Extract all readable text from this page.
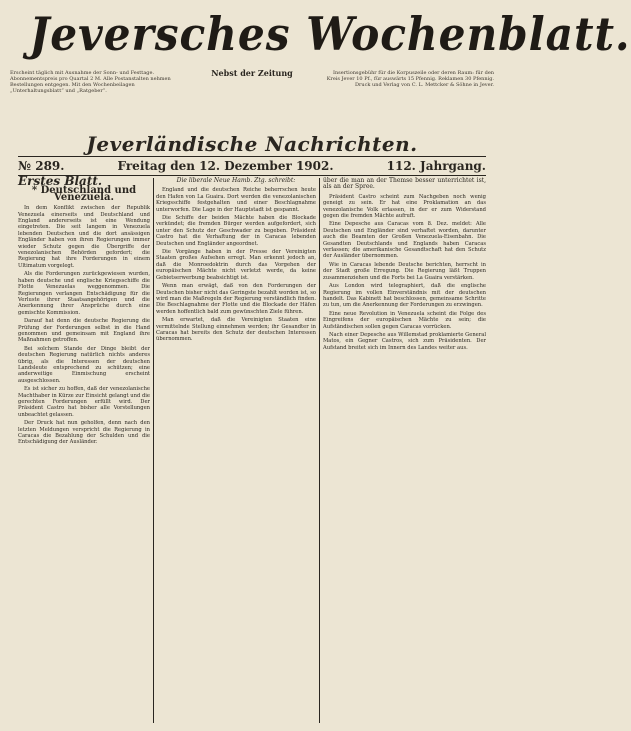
Jeversches Wochenblatt.
Erscheint täglich mit Ausnahme der Sonn- und Festtage. Abonnementspreis pro Quartal 2 M. Alle Postanstalten nehmen Bestellungen entgegen. Mit den Wochenbeilagen „Unterhaltungsblatt“ und „Ratgeber“.
Nebst der Zeitung	Insertionsgebühr für die Korpuszeile oder deren Raum: für den Kreis Jever 10 Pf., für auswärts 15 Pfennig. Reklamen 30 Pfennig. Druck und Verlag von C. L. Mettcker & Söhne in Jever.
Jeverländische Nachrichten.
№ 289.	Freitag den 12. Dezember 1902.	112. Jahrgang.
Erstes Blatt.
* Deutschland und Venezuela.

In dem Konflikt zwischen der Republik Venezuela einerseits und Deutschland und England andererseits ist eine Wendung eingetreten. Die seit langem in Venezuela lebenden Deutschen und die dort ansässigen Engländer haben von ihren Regierungen immer wieder Schutz gegen die Übergriffe der venezolanischen Behörden gefordert; die Regierung hat ihre Forderungen in einem Ultimatum vorgelegt.

Als die Forderungen zurückgewiesen wurden, haben deutsche und englische Kriegsschiffe die Flotte Venezuelas weggenommen. Die Regierungen verlangen Entschädigung für die Verluste ihrer Staatsangehörigen und die Anerkennung ihrer Ansprüche durch eine gemischte Kommission.

Darauf hat denn die deutsche Regierung die Prüfung der Forderungen selbst in die Hand genommen und gemeinsam mit England ihre Maßnahmen getroffen.

Bei solchem Stande der Dinge bleibt der deutschen Regierung natürlich nichts anderes übrig, als die Interessen der deutschen Landsleute entsprechend zu schützen; eine anderweitige Einmischung erscheint ausgeschlossen.

Es ist sicher zu hoffen, daß der venezolanische Machthaber in Kürze zur Einsicht gelangt und die gerechten Forderungen erfüllt wird. Der Präsident Castro hat bisher alle Vorstellungen unbeachtet gelassen.

Der Druck hat nun geholfen, denn nach den letzten Meldungen verspricht die Regierung in Caracas die Bezahlung der Schulden und die Entschädigung der Ausländer.

Die liberale Neue Hamb. Ztg. schreibt:

England und die deutschen Reiche beherrschen heute den Hafen von La Guaira. Dort werden die venezolanischen Kriegsschiffe festgehalten und einer Beschlagnahme unterworfen. Die Lage in der Hauptstadt ist gespannt.

Die Schiffe der beiden Mächte haben die Blockade verkündet; die fremden Bürger werden aufgefordert, sich unter den Schutz der Geschwader zu begeben. Präsident Castro hat die Verhaftung der in Caracas lebenden Deutschen und Engländer angeordnet.

Die Vorgänge haben in der Presse der Vereinigten Staaten großes Aufsehen erregt. Man erkennt jedoch an, daß die Monroedoktrin durch das Vorgehen der europäischen Mächte nicht verletzt werde, da keine Gebietserwerbung beabsichtigt ist.

Wenn man erwägt, daß von den Forderungen der Deutschen bisher nicht das Geringste bezahlt worden ist, so wird man die Maßregeln der Regierung verständlich finden. Die Beschlagnahme der Flotte und die Blockade der Häfen werden hoffentlich bald zum gewünschten Ziele führen.

Man erwartet, daß die Vereinigten Staaten eine vermittelnde Stellung einnehmen werden; ihr Gesandter in Caracas hat bereits den Schutz der deutschen Interessen übernommen.

über die man an der Themse besser unterrichtet ist, als an der Spree.

Präsident Castro scheint zum Nachgeben noch wenig geneigt zu sein. Er hat eine Proklamation an das venezolanische Volk erlassen, in der er zum Widerstand gegen die fremden Mächte aufruft.

Eine Depesche aus Caracas vom 8. Dez. meldet: Alle Deutschen und Engländer sind verhaftet worden, darunter auch die Beamten der Großen Venezuela-Eisenbahn. Die Gesandten Deutschlands und Englands haben Caracas verlassen; die amerikanische Gesandtschaft hat den Schutz der Ausländer übernommen.

Wie in Caracas lebende Deutsche berichten, herrscht in der Stadt große Erregung. Die Regierung läßt Truppen zusammenziehen und die Forts bei La Guaira verstärken.

Aus London wird telegraphiert, daß die englische Regierung im vollen Einverständnis mit der deutschen handelt. Das Kabinett hat beschlossen, gemeinsame Schritte zu tun, um die Anerkennung der Forderungen zu erzwingen.

Eine neue Revolution in Venezuela scheint die Folge des Eingreifens der europäischen Mächte zu sein; die Aufständischen sollen gegen Caracas vorrücken.

Nach einer Depesche aus Willemstad proklamierte General Matos, ein Gegner Castros, sich zum Präsidenten. Der Aufstand breitet sich im Innern des Landes weiter aus.
